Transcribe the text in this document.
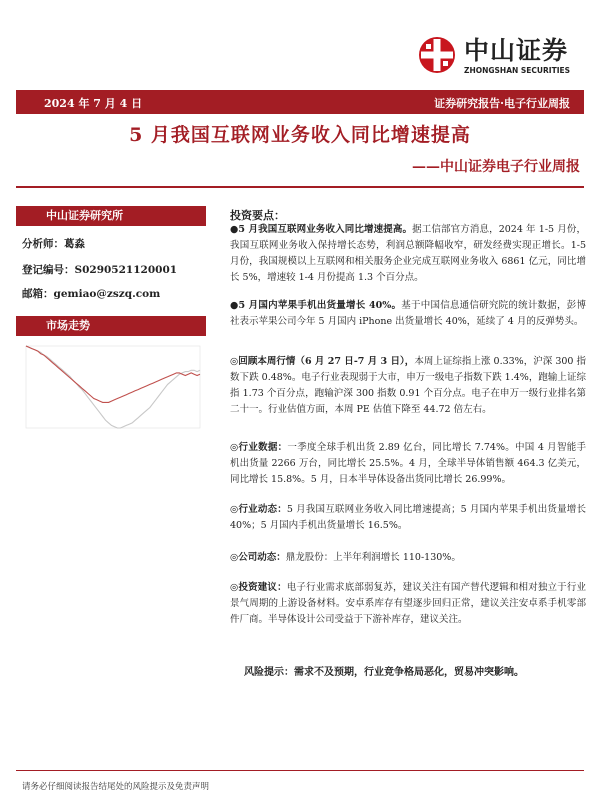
中山证券
ZHONGSHAN SECURITIES
2024 年 7 月 4 日	证券研究报告·电子行业周报
5 月我国互联网业务收入同比增速提高
——中山证券电子行业周报
中山证券研究所
分析师：葛淼
登记编号：S0290521120001
邮箱：gemiao@zszq.com
市场走势
投资要点：

●5 月我国互联网业务收入同比增速提高。据工信部官方消息，2024 年 1-5 月份，我国互联网业务收入保持增长态势，利润总额降幅收窄，研发经费实现正增长。1-5 月份，我国规模以上互联网和相关服务企业完成互联网业务收入 6861 亿元，同比增长 5%，增速较 1-4 月份提高 1.3 个百分点。

●5 月国内苹果手机出货量增长 40%。基于中国信息通信研究院的统计数据，彭博社表示苹果公司今年 5 月国内 iPhone 出货量增长 40%，延续了 4 月的反弹势头。

◎回顾本周行情（6 月 27 日-7 月 3 日），本周上证综指上涨 0.33%，沪深 300 指数下跌 0.48%。电子行业表现弱于大市，申万一级电子指数下跌 1.4%，跑输上证综指 1.73 个百分点，跑输沪深 300 指数 0.91 个百分点。电子在申万一级行业排名第二十一。行业估值方面，本周 PE 估值下降至 44.72 倍左右。

◎行业数据：一季度全球手机出货 2.89 亿台，同比增长 7.74%。中国 4 月智能手机出货量 2266 万台，同比增长 25.5%。4 月，全球半导体销售额 464.3 亿美元，同比增长 15.8%。5 月，日本半导体设备出货同比增长 26.99%。

◎行业动态：5 月我国互联网业务收入同比增速提高；5 月国内苹果手机出货量增长 40%；5 月国内手机出货量增长 16.5%。

◎公司动态：鼎龙股份：上半年利润增长 110-130%。

◎投资建议：电子行业需求底部弱复苏，建议关注有国产替代逻辑和相对独立于行业景气周期的上游设备材料。安卓系库存有望逐步回归正常，建议关注安卓系手机零部件厂商。半导体设计公司受益于下游补库存，建议关注。

风险提示：需求不及预期，行业竞争格局恶化，贸易冲突影响。
请务必仔细阅读报告结尾处的风险提示及免责声明
